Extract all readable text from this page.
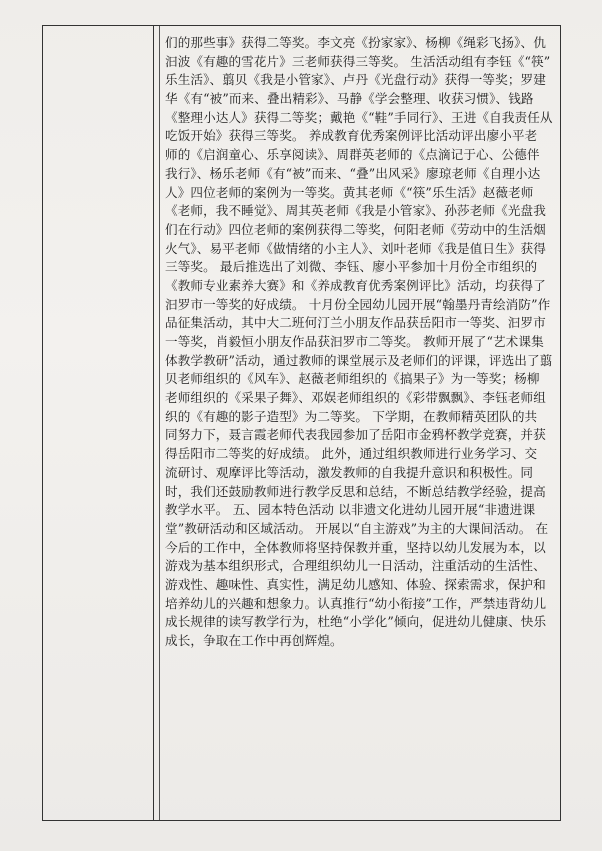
们的那些事》获得二等奖。李文亮《扮家家》、杨柳《绳彩飞扬》、仇
汩波《有趣的雪花片》三老师获得三等奖。 生活活动组有李钰《“筷”
乐生活》、翦贝《我是小管家》、卢丹《光盘行动》获得一等奖；罗建
华《有“被”而来、叠出精彩》、马静《学会整理、收获习惯》、钱路
《整理小达人》获得二等奖；戴艳《“鞋”手同行》、王进《自我责任从
吃饭开始》获得三等奖。 养成教育优秀案例评比活动评出廖小平老
师的《启润童心、乐享阅读》、周群英老师的《点滴记于心、公德伴
我行》、杨乐老师《有“被”而来、“叠”出风采》廖琼老师《自理小达
人》四位老师的案例为一等奖。黄其老师《“筷”乐生活》赵薇老师
《老师，我不睡觉》、周其英老师《我是小管家》、孙莎老师《光盘我
们在行动》四位老师的案例获得二等奖，何阳老师《劳动中的生活烟
火气》、易平老师《做情绪的小主人》、刘叶老师《我是值日生》获得
三等奖。 最后推选出了刘微、李钰、廖小平参加十月份全市组织的
《教师专业素养大赛》和《养成教育优秀案例评比》活动，均获得了
汩罗市一等奖的好成绩。 十月份全园幼儿园开展“翰墨丹青绘消防”作
品征集活动，其中大二班何汀兰小朋友作品获岳阳市一等奖、汩罗市
一等奖，肖毅恒小朋友作品获汩罗市二等奖。 教师开展了“艺术课集
体教学教研”活动，通过教师的课堂展示及老师们的评课，评选出了翦
贝老师组织的《风车》、赵薇老师组织的《搞果子》为一等奖；杨柳
老师组织的《采果子舞》、邓娱老师组织的《彩带飘飘》、李钰老师组
织的《有趣的影子造型》为二等奖。 下学期，在教师精英团队的共
同努力下，聂言霞老师代表我园参加了岳阳市金鸦杯教学竞赛，并获
得岳阳市二等奖的好成绩。 此外，通过组织教师进行业务学习、交
流研讨、观摩评比等活动，激发教师的自我提升意识和积极性。同
时，我们还鼓励教师进行教学反思和总结，不断总结教学经验，提高
教学水平。 五、园本特色活动 以非遗文化进幼儿园开展“非遗进课
堂”教研活动和区域活动。 开展以“自主游戏”为主的大课间活动。 在
今后的工作中，全体教师将坚持保教并重，坚持以幼儿发展为本，以
游戏为基本组织形式，合理组织幼儿一日活动，注重活动的生活性、
游戏性、趣味性、真实性，满足幼儿感知、体验、探索需求，保护和
培养幼儿的兴趣和想象力。认真推行“幼小衔接”工作，严禁违背幼儿
成长规律的读写教学行为，杜绝“小学化”倾向，促进幼儿健康、快乐
成长，争取在工作中再创辉煌。
